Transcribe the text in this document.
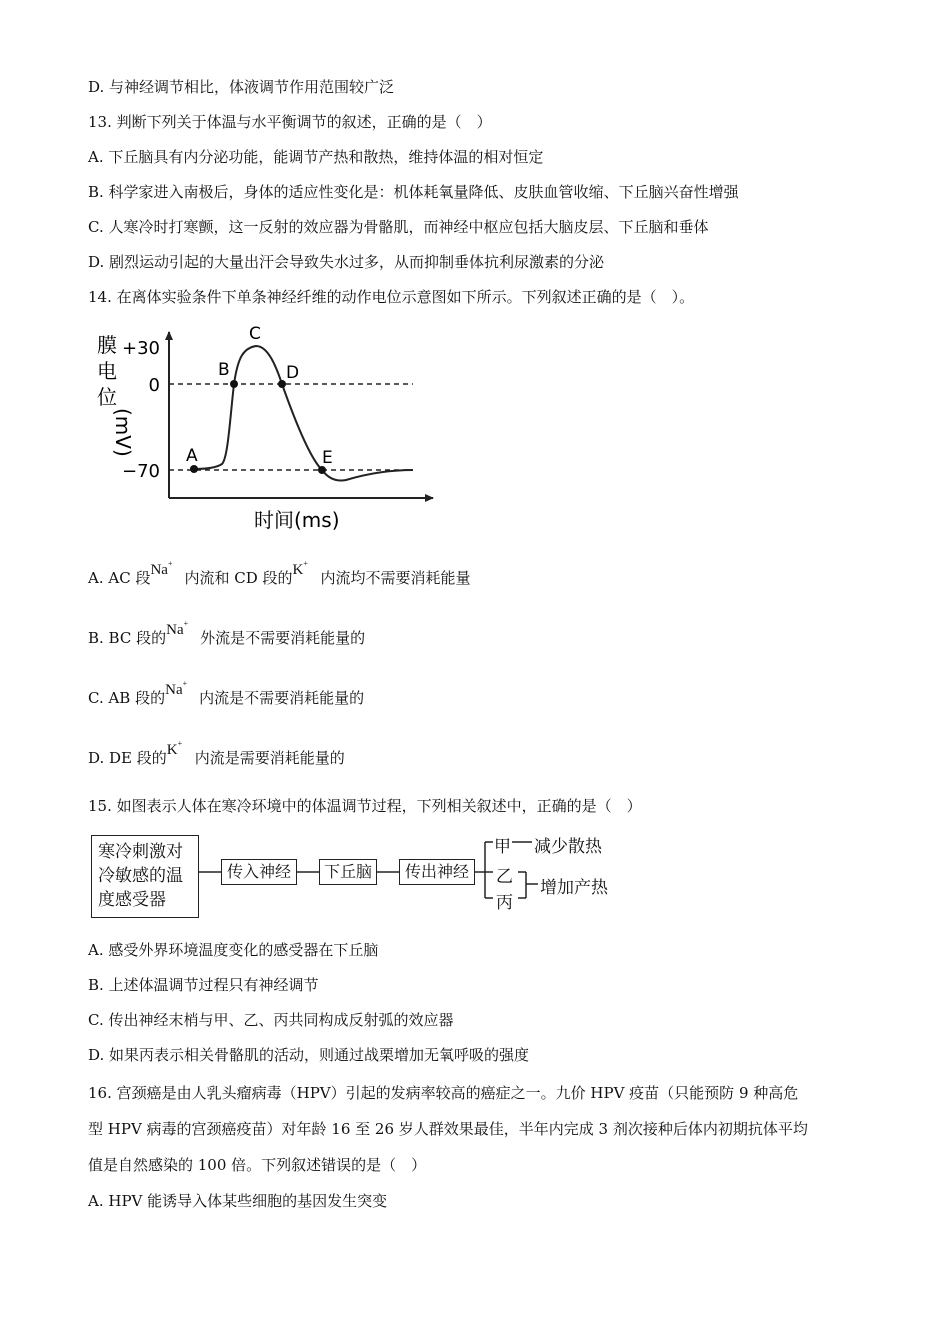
D. 与神经调节相比，体液调节作用范围较广泛
13. 判断下列关于体温与水平衡调节的叙述，正确的是（　）
A. 下丘脑具有内分泌功能，能调节产热和散热，维持体温的相对恒定
B. 科学家进入南极后，身体的适应性变化是：机体耗氧量降低、皮肤血管收缩、下丘脑兴奋性增强
C. 人寒冷时打寒颤，这一反射的效应器为骨骼肌，而神经中枢应包括大脑皮层、下丘脑和垂体
D. 剧烈运动引起的大量出汗会导致失水过多，从而抑制垂体抗利尿激素的分泌
14. 在离体实验条件下单条神经纤维的动作电位示意图如下所示。下列叙述正确的是（　）。
膜
电
位
(mV)
+30
0
−70
A
B
C
D
E
时间(ms)
A. AC 段 Na+
内流和 CD 段的 K+
内流均不需要消耗能量
B. BC 段的 Na+
外流是不需要消耗能量的
C. AB 段的 Na+
内流是不需要消耗能量的
D. DE 段的 K+
内流是需要消耗能量的
15. 如图表示人体在寒冷环境中的体温调节过程，下列相关叙述中，正确的是（　）
寒冷刺激对
冷敏感的温
度感受器
传入神经	下丘脑	传出神经
甲
乙
丙
减少散热
增加产热
A. 感受外界环境温度变化的感受器在下丘脑
B. 上述体温调节过程只有神经调节
C. 传出神经末梢与甲、乙、丙共同构成反射弧的效应器
D. 如果丙表示相关骨骼肌的活动，则通过战栗增加无氧呼吸的强度
16. 宫颈癌是由人乳头瘤病毒（HPV）引起的发病率较高的癌症之一。九价 HPV 疫苗（只能预防 9 种高危
型 HPV 病毒的宫颈癌疫苗）对年龄 16 至 26 岁人群效果最佳，半年内完成 3 剂次接种后体内初期抗体平均
值是自然感染的 100 倍。下列叙述错误的是（　）
A. HPV 能诱导入体某些细胞的基因发生突变
